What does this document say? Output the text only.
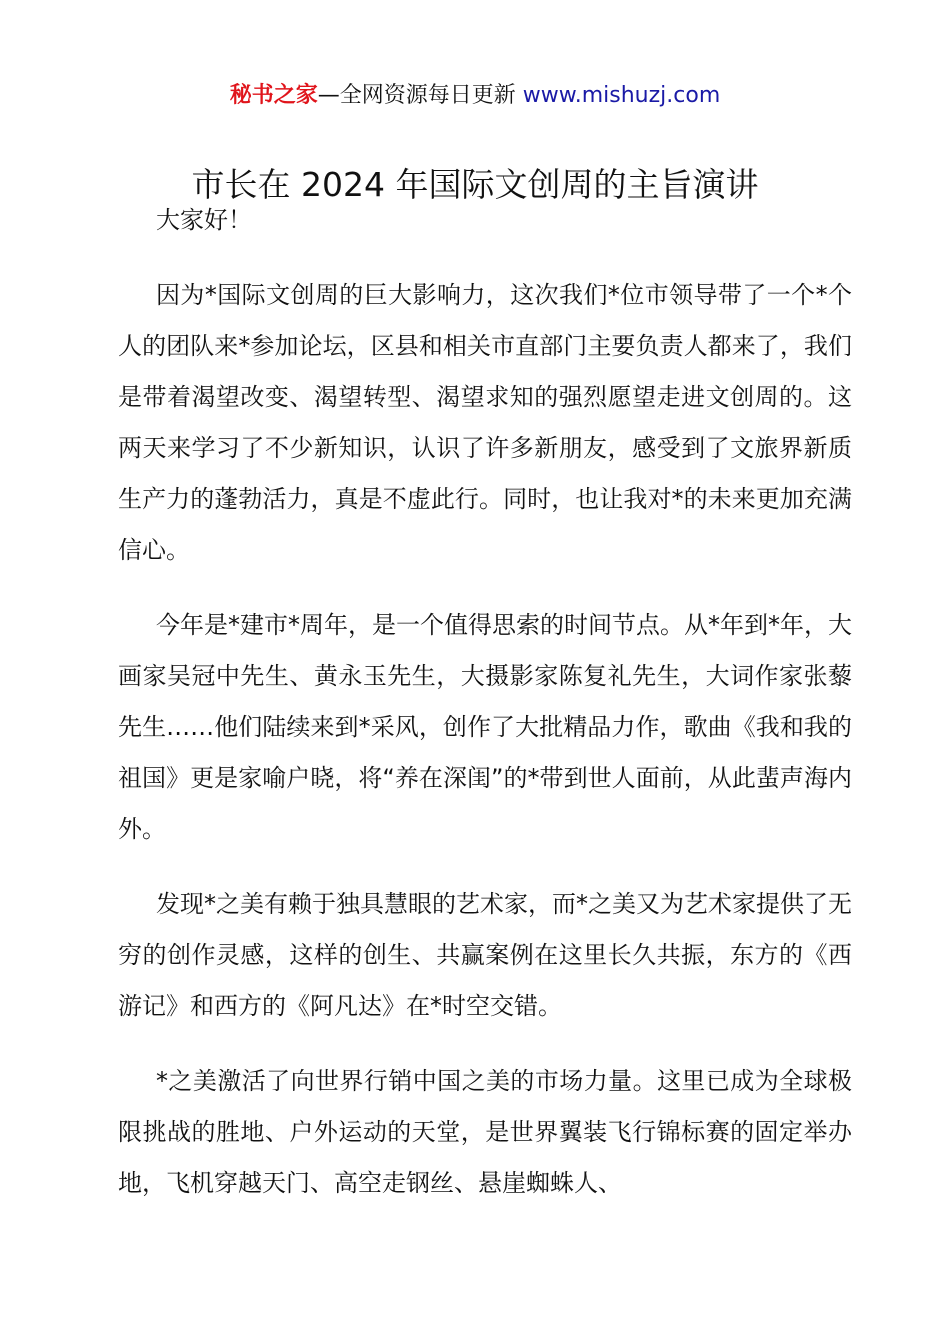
秘书之家—全网资源每日更新 www.mishuzj.com
市长在 2024 年国际文创周的主旨演讲

大家好！

因为*国际文创周的巨大影响力，这次我们*位市领导带了一个*个人的团队来*参加论坛，区县和相关市直部门主要负责人都来了，我们是带着渴望改变、渴望转型、渴望求知的强烈愿望走进文创周的。这两天来学习了不少新知识，认识了许多新朋友，感受到了文旅界新质生产力的蓬勃活力，真是不虚此行。同时，也让我对*的未来更加充满信心。

今年是*建市*周年，是一个值得思索的时间节点。从*年到*年，大画家吴冠中先生、黄永玉先生，大摄影家陈复礼先生，大词作家张藜先生……他们陆续来到*采风，创作了大批精品力作，歌曲《我和我的祖国》更是家喻户晓，将“养在深闺”的*带到世人面前，从此蜚声海内外。

发现*之美有赖于独具慧眼的艺术家，而*之美又为艺术家提供了无穷的创作灵感，这样的创生、共赢案例在这里长久共振，东方的《西游记》和西方的《阿凡达》在*时空交错。

*之美激活了向世界行销中国之美的市场力量。这里已成为全球极限挑战的胜地、户外运动的天堂，是世界翼装飞行锦标赛的固定举办地，飞机穿越天门、高空走钢丝、悬崖蜘蛛人、
